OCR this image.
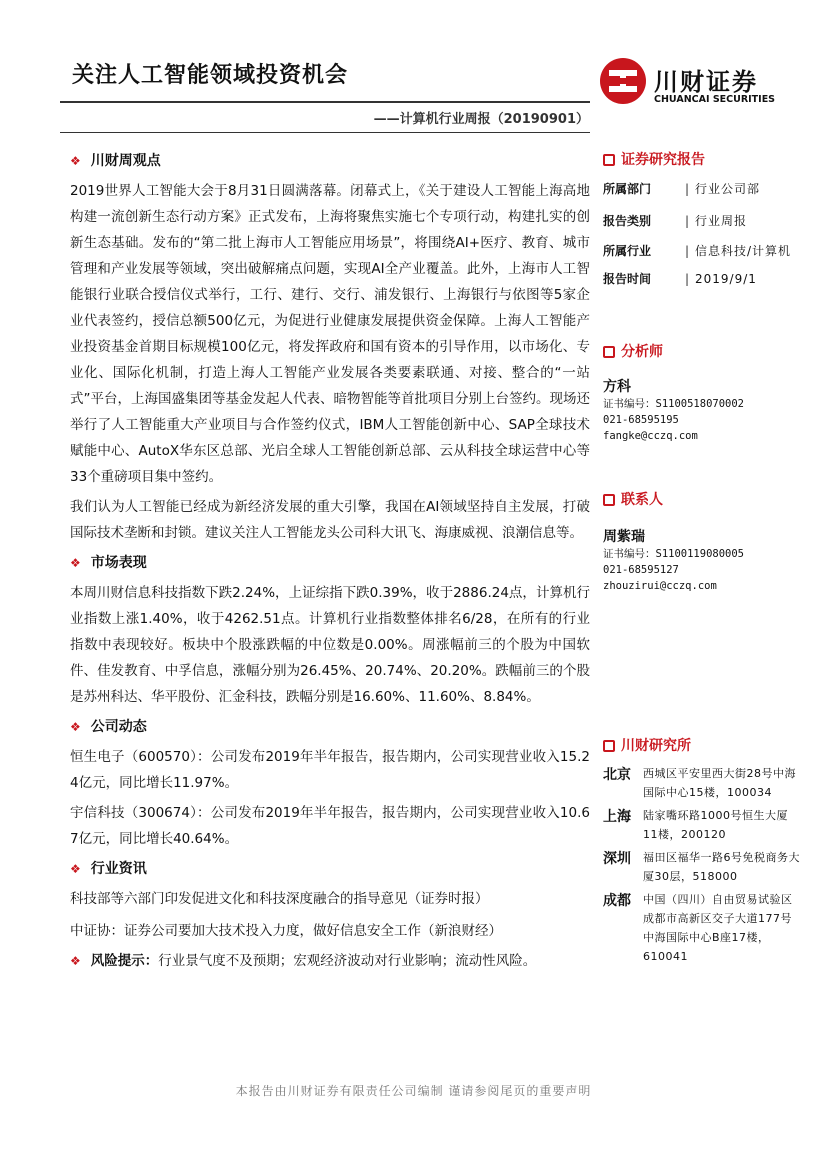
关注人工智能领域投资机会
——计算机行业周报（20190901）
川财证券
CHUANCAI SECURITIES
❖ 川财周观点

2019世界人工智能大会于8月31日圆满落幕。闭幕式上，《关于建设人工智能上海高地构建一流创新生态行动方案》正式发布，上海将聚焦实施七个专项行动，构建扎实的创新生态基础。发布的“第二批上海市人工智能应用场景”，将围绕AI+医疗、教育、城市管理和产业发展等领域，突出破解痛点问题，实现AI全产业覆盖。此外，上海市人工智能银行业联合授信仪式举行，工行、建行、交行、浦发银行、上海银行与依图等5家企业代表签约，授信总额500亿元，为促进行业健康发展提供资金保障。上海人工智能产业投资基金首期目标规模100亿元，将发挥政府和国有资本的引导作用，以市场化、专业化、国际化机制，打造上海人工智能产业发展各类要素联通、对接、整合的“一站式”平台，上海国盛集团等基金发起人代表、暗物智能等首批项目分别上台签约。现场还举行了人工智能重大产业项目与合作签约仪式，IBM人工智能创新中心、SAP全球技术赋能中心、AutoX华东区总部、光启全球人工智能创新总部、云从科技全球运营中心等33个重磅项目集中签约。

我们认为人工智能已经成为新经济发展的重大引擎，我国在AI领域坚持自主发展，打破国际技术垄断和封锁。建议关注人工智能龙头公司科大讯飞、海康威视、浪潮信息等。

❖ 市场表现

本周川财信息科技指数下跌2.24%，上证综指下跌0.39%，收于2886.24点，计算机行业指数上涨1.40%，收于4262.51点。计算机行业指数整体排名6/28，在所有的行业指数中表现较好。板块中个股涨跌幅的中位数是0.00%。周涨幅前三的个股为中国软件、佳发教育、中孚信息，涨幅分别为26.45%、20.74%、20.20%。跌幅前三的个股是苏州科达、华平股份、汇金科技，跌幅分别是16.60%、11.60%、8.84%。

❖ 公司动态

恒生电子（600570）：公司发布2019年半年报告，报告期内，公司实现营业收入15.24亿元，同比增长11.97%。

宇信科技（300674）：公司发布2019年半年报告，报告期内，公司实现营业收入10.67亿元，同比增长40.64%。

❖ 行业资讯

科技部等六部门印发促进文化和科技深度融合的指导意见（证券时报）

中证协：证券公司要加大技术投入力度，做好信息安全工作（新浪财经）

❖ 风险提示：行业景气度不及预期；宏观经济波动对行业影响；流动性风险。
证券研究报告
所属部门	| 行业公司部
报告类别	| 行业周报
所属行业	| 信息科技/计算机
报告时间	| 2019/9/1
分析师
方科
证书编号：S1100518070002
021-68595195
fangke@cczq.com
联系人
周紫瑞
证书编号：S1100119080005
021-68595127
zhouzirui@cczq.com
川财研究所
北京	西城区平安里西大街28号中海国际中心15楼，100034
上海	陆家嘴环路1000号恒生大厦11楼，200120
深圳	福田区福华一路6号免税商务大厦30层，518000
成都	中国（四川）自由贸易试验区成都市高新区交子大道177号中海国际中心B座17楼，610041
本报告由川财证券有限责任公司编制 谨请参阅尾页的重要声明
